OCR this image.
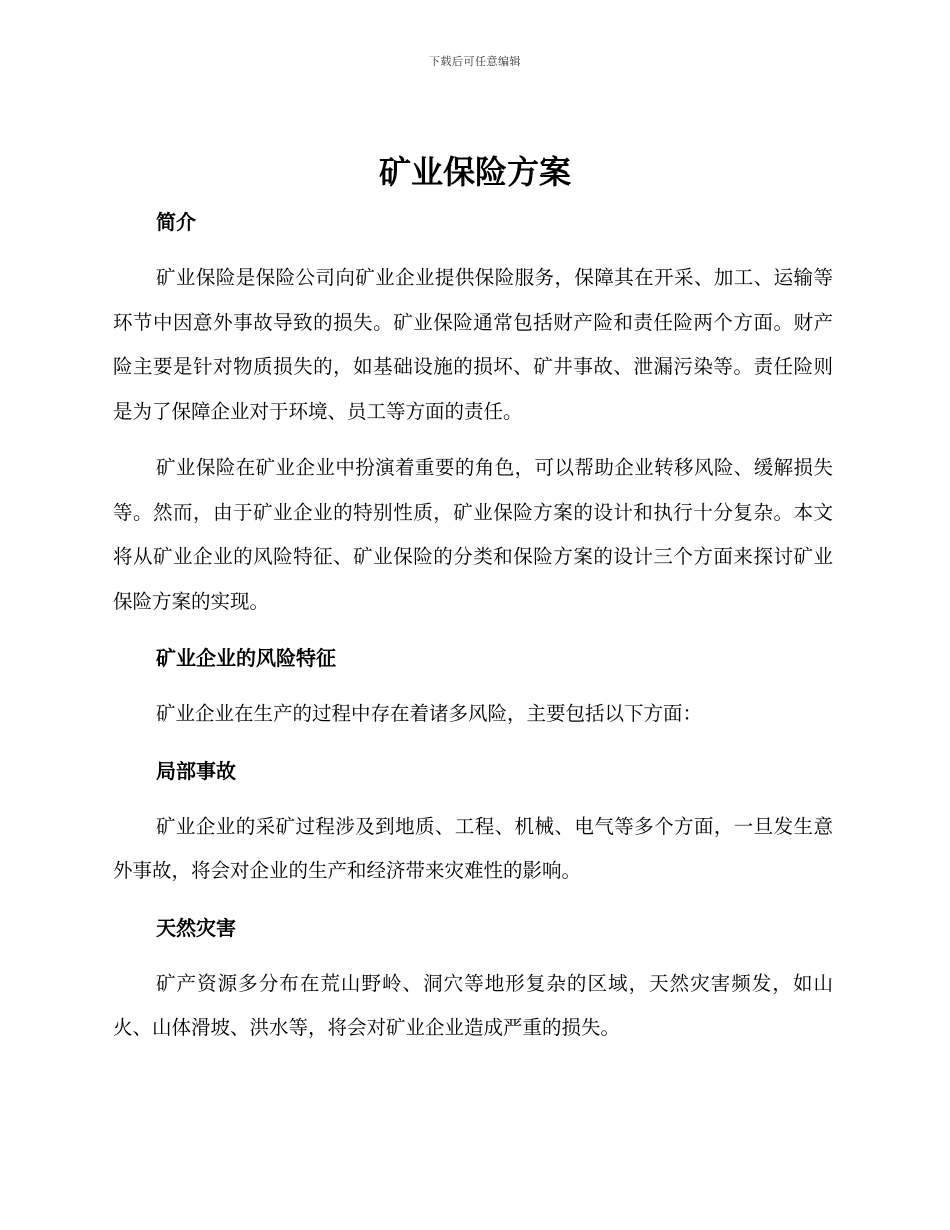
下载后可任意编辑
矿业保险方案
简介

矿业保险是保险公司向矿业企业提供保险服务，保障其在开采、加工、运输等环节中因意外事故导致的损失。矿业保险通常包括财产险和责任险两个方面。财产险主要是针对物质损失的，如基础设施的损坏、矿井事故、泄漏污染等。责任险则是为了保障企业对于环境、员工等方面的责任。

矿业保险在矿业企业中扮演着重要的角色，可以帮助企业转移风险、缓解损失等。然而，由于矿业企业的特别性质，矿业保险方案的设计和执行十分复杂。本文将从矿业企业的风险特征、矿业保险的分类和保险方案的设计三个方面来探讨矿业保险方案的实现。

矿业企业的风险特征

矿业企业在生产的过程中存在着诸多风险，主要包括以下方面：

局部事故

矿业企业的采矿过程涉及到地质、工程、机械、电气等多个方面，一旦发生意外事故，将会对企业的生产和经济带来灾难性的影响。

天然灾害

矿产资源多分布在荒山野岭、洞穴等地形复杂的区域，天然灾害频发，如山火、山体滑坡、洪水等，将会对矿业企业造成严重的损失。
